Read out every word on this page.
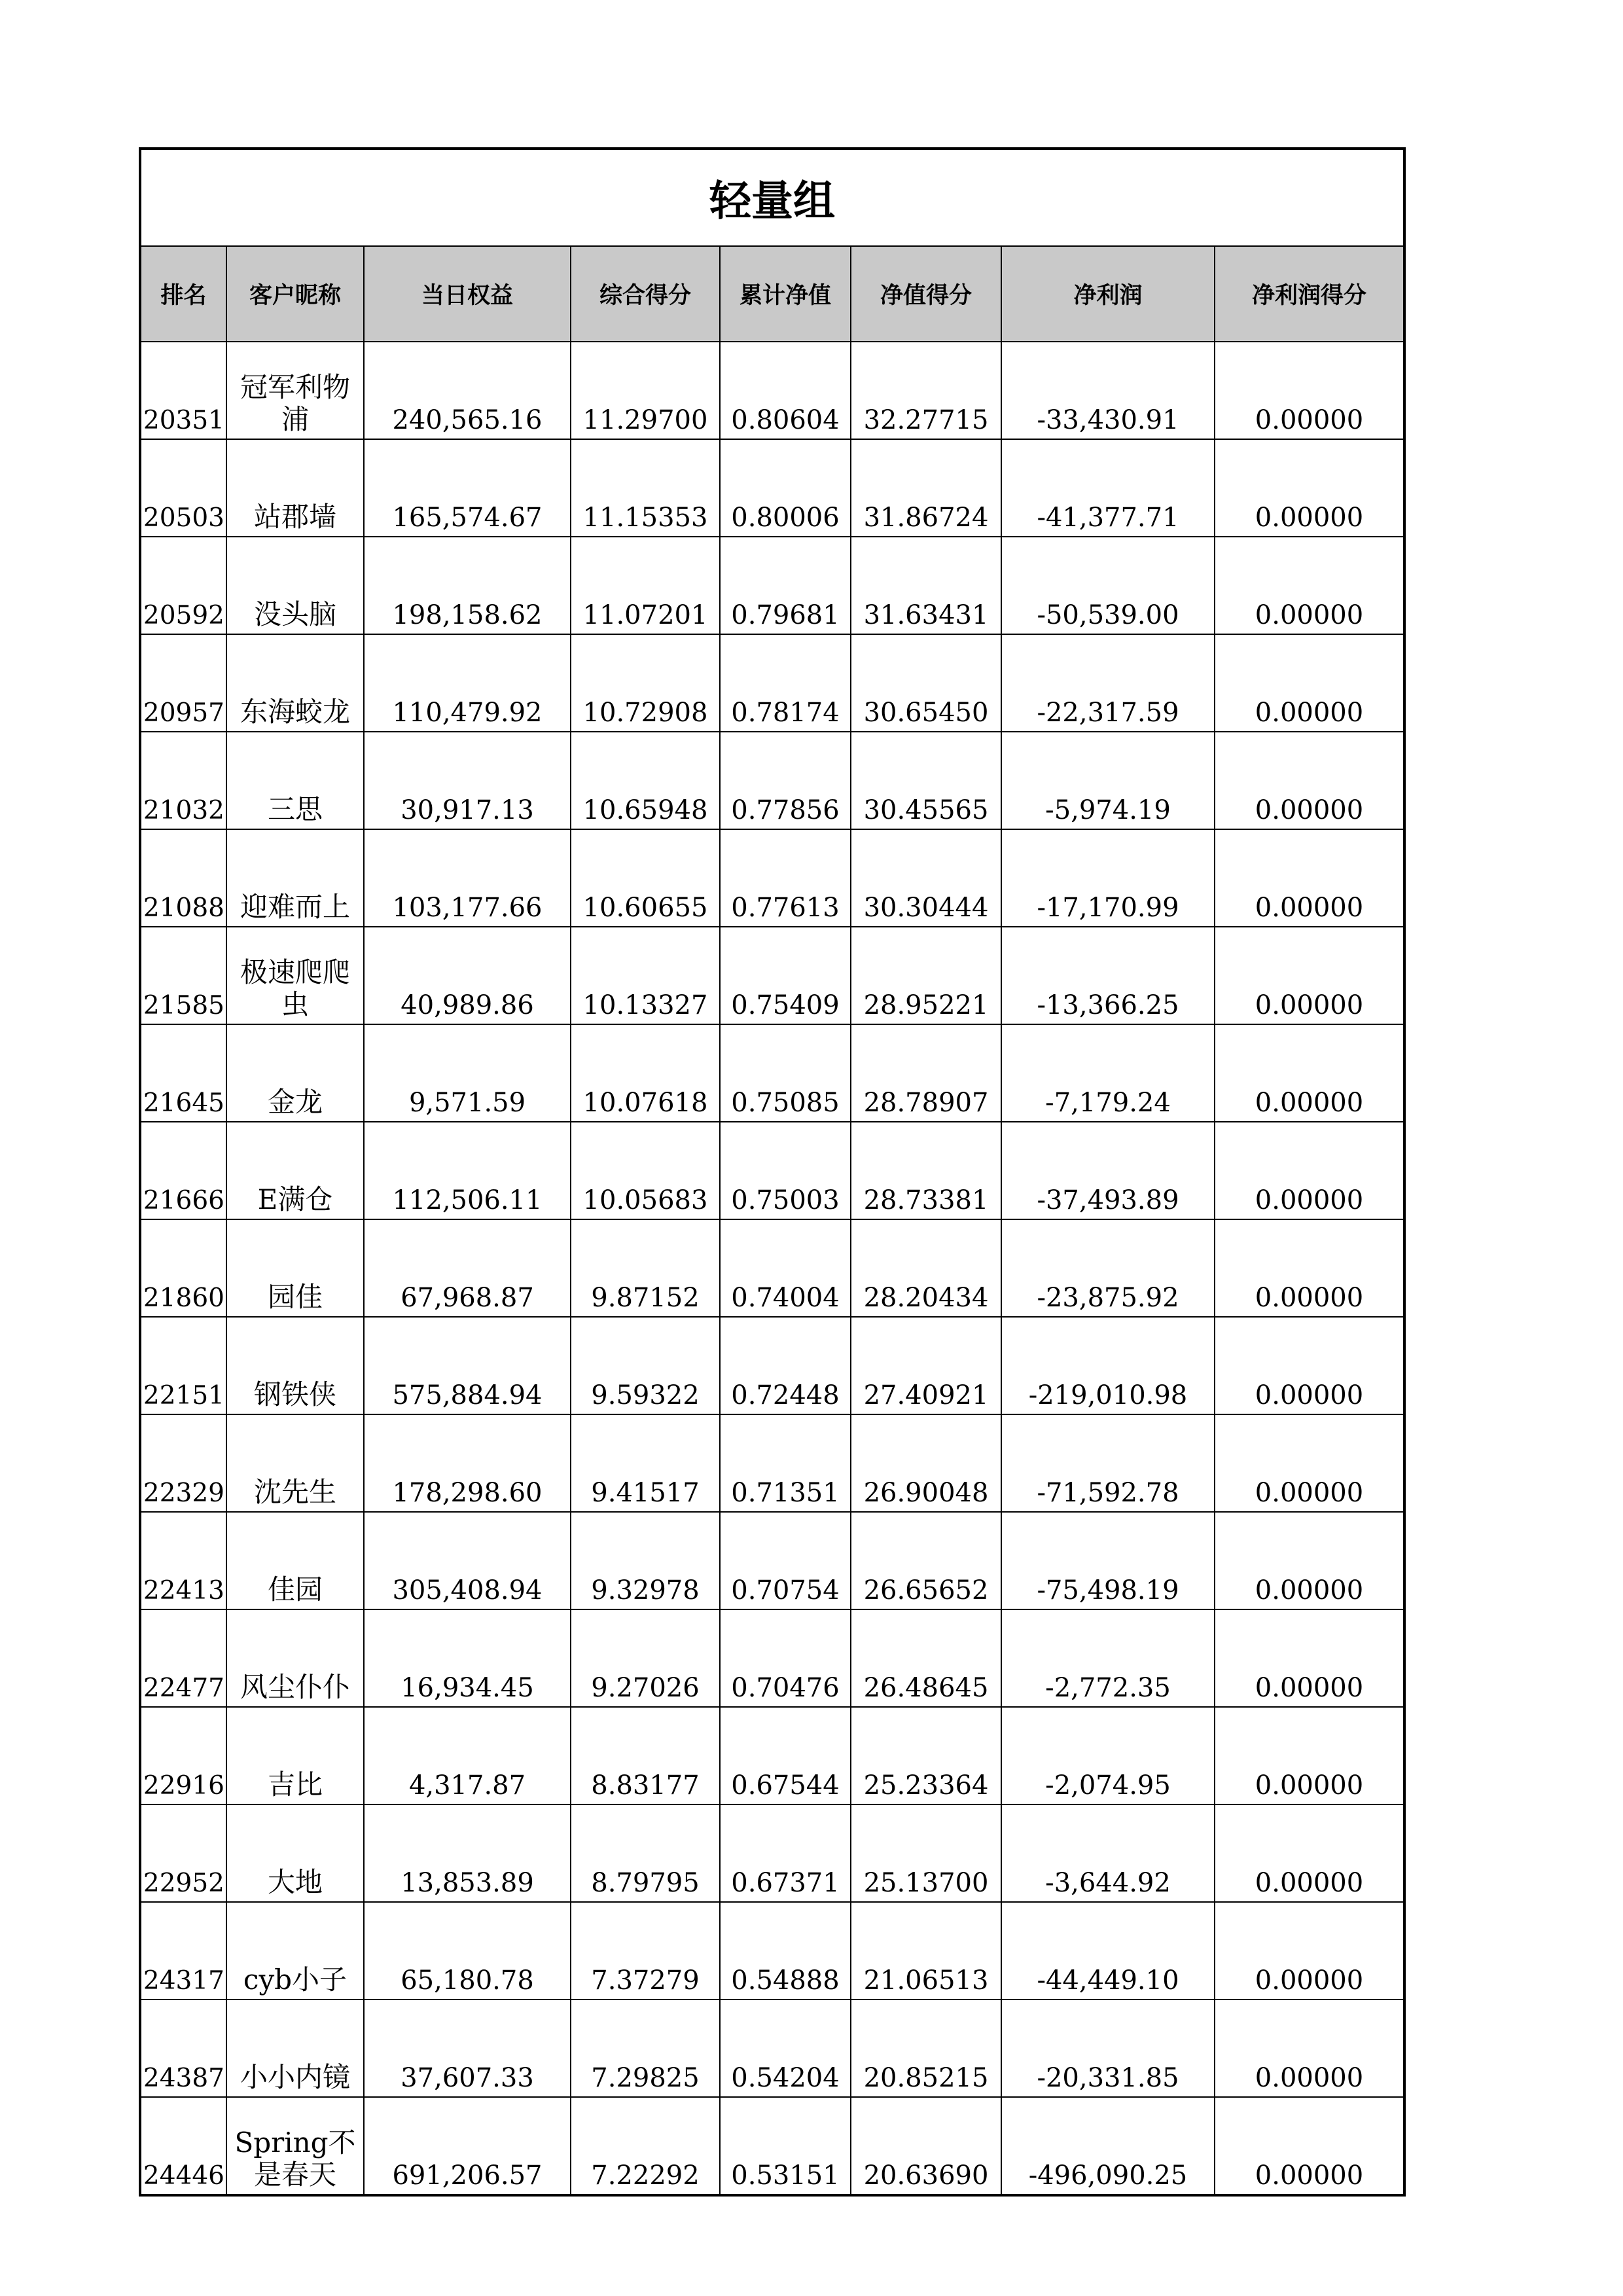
轻量组							
排名	客户昵称	当日权益	综合得分	累计净值	净值得分	净利润	净利润得分
20351	冠军利物浦	240,565.16	11.29700	0.80604	32.27715	-33,430.91	0.00000
20503	站郡墙	165,574.67	11.15353	0.80006	31.86724	-41,377.71	0.00000
20592	没头脑	198,158.62	11.07201	0.79681	31.63431	-50,539.00	0.00000
20957	东海蛟龙	110,479.92	10.72908	0.78174	30.65450	-22,317.59	0.00000
21032	三思	30,917.13	10.65948	0.77856	30.45565	-5,974.19	0.00000
21088	迎难而上	103,177.66	10.60655	0.77613	30.30444	-17,170.99	0.00000
21585	极速爬爬虫	40,989.86	10.13327	0.75409	28.95221	-13,366.25	0.00000
21645	金龙	9,571.59	10.07618	0.75085	28.78907	-7,179.24	0.00000
21666	E满仓	112,506.11	10.05683	0.75003	28.73381	-37,493.89	0.00000
21860	园佳	67,968.87	9.87152	0.74004	28.20434	-23,875.92	0.00000
22151	钢铁侠	575,884.94	9.59322	0.72448	27.40921	-219,010.98	0.00000
22329	沈先生	178,298.60	9.41517	0.71351	26.90048	-71,592.78	0.00000
22413	佳园	305,408.94	9.32978	0.70754	26.65652	-75,498.19	0.00000
22477	风尘仆仆	16,934.45	9.27026	0.70476	26.48645	-2,772.35	0.00000
22916	吉比	4,317.87	8.83177	0.67544	25.23364	-2,074.95	0.00000
22952	大地	13,853.89	8.79795	0.67371	25.13700	-3,644.92	0.00000
24317	cyb小子	65,180.78	7.37279	0.54888	21.06513	-44,449.10	0.00000
24387	小小内镜	37,607.33	7.29825	0.54204	20.85215	-20,331.85	0.00000
24446	Spring不是春天	691,206.57	7.22292	0.53151	20.63690	-496,090.25	0.00000
